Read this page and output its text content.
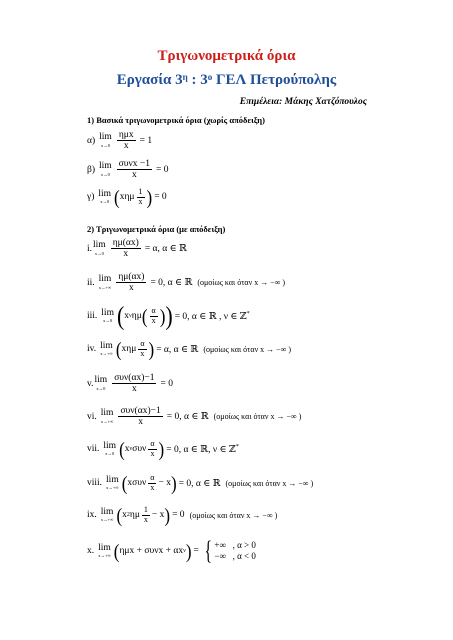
Τριγωνομετρικά όρια
Εργασία $3^\eta$ : $3^o$ ΓΕΛ Πετρούπολης
Επιμέλεια: Μάκης Χατζόπουλος
1) Βασικά τριγωνομετρικά όρια (χωρίς απόδειξη)
α) lim
$x\to 0 \frac{\text{ημx}}{x} = 1$
β) lim
$x\to 0 \frac{\text{συνx −1}}{x} = 0$
γ) lim
x→0 ( xημ $\frac{1}{x}$ ) = 0
2) Τριγωνομετρικά όρια (με απόδειξη)
i. lim
$x\to 0 \frac{\eta\mu(\alpha x)}{x} = \alpha$, α ∈ ℝ
ii. lim
$x\to+\infty \frac{\eta\mu(\alpha x)}{x} = 0$, α ∈ ℝ (ομοίως και όταν x → −∞ )
iii. lim
x→0 ( x ν ημ ( $\frac{\alpha}{x}$ ) ) = 0, α ∈ ℝ , ν ∈ ℤ*
iv. lim
x→+∞ ( xημ $\frac{\alpha}{x}$ ) = α, α ∈ ℝ (ομοίως και όταν x → −∞ )
v. lim
$x\to 0 \frac{\text{συν(αx)−1}}{x} = 0$
vi. lim
$x\to+\infty \frac{\text{συν(αx)−1}}{x} = 0$, α ∈ ℝ (ομοίως και όταν x → −∞ )
vii. lim
x→0 ( x ν συν $\frac{\alpha}{x}$ ) = 0, α ∈ ℝ, ν ∈ ℤ*
viii. lim
x→+∞ ( xσυν $\frac{\alpha}{x} - x$ ) = 0, α ∈ ℝ (ομοίως και όταν x → −∞ )
ix. lim
x→+∞ ( x 2 ημ $\frac{1}{x} - x$ ) = 0 (ομοίως και όταν x → −∞ )
x. lim
x→+∞ ( ημx + συνx + αx ν ) = { +∞ , α > 0
−∞ , α < 0
